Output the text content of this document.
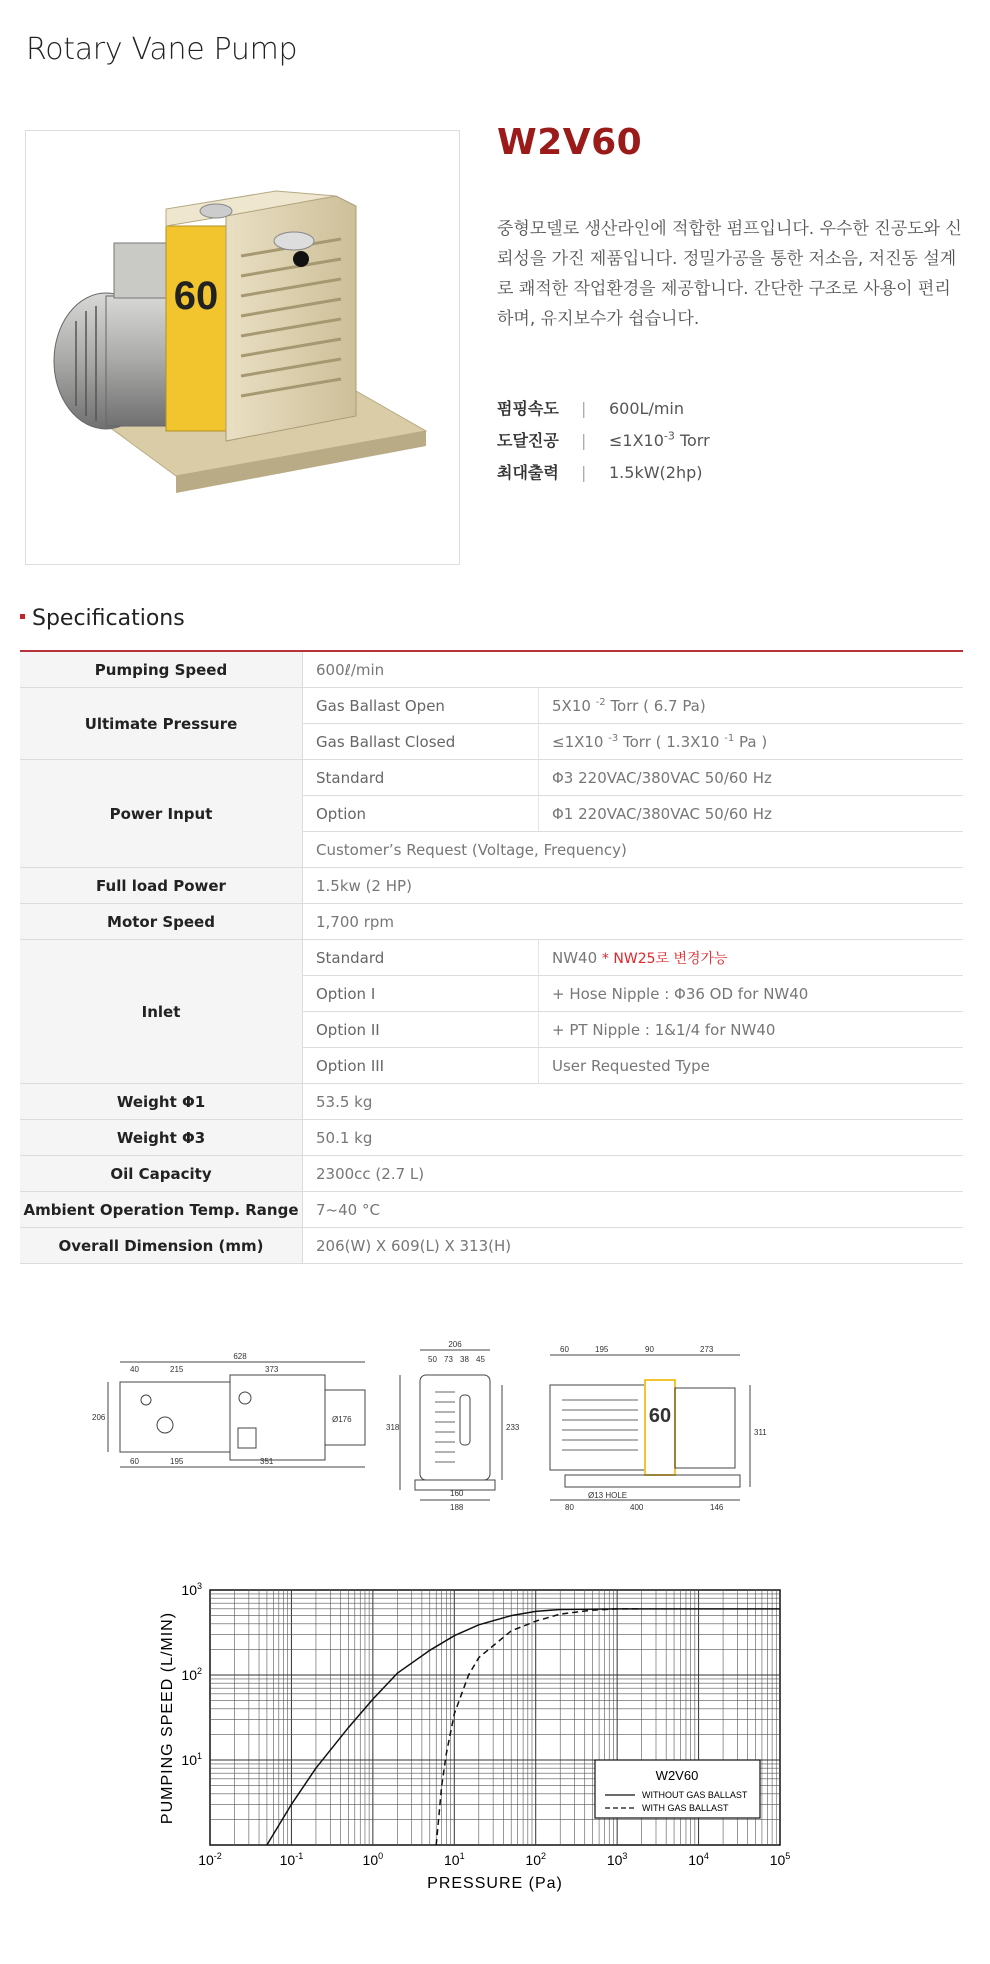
Rotary Vane Pump
60
W2V60
중형모델로 생산라인에 적합한 펌프입니다. 우수한 진공도와 신뢰성을 가진 제품입니다. 정밀가공을 통한 저소음, 저진동 설계로 쾌적한 작업환경을 제공합니다. 간단한 구조로 사용이 편리하며, 유지보수가 쉽습니다.
펌핑속도 | 600L/min
도달진공 | $\le 1X10^{-3}$ Torr
최대출력 | 1.5kW(2hp)
Specifications
Pumping Speed	600ℓ/min	
Ultimate Pressure	Gas Ballast Open	5X10 $^{-2}$ Torr ( 6.7 Pa)
	Gas Ballast Closed	≤1X10 $^{-3}$ Torr ( 1.3X10 $^{-1}$ Pa )
Power Input	Standard	Φ3 220VAC/380VAC 50/60 Hz
	Option	Φ1 220VAC/380VAC 50/60 Hz
	Customer’s Request (Voltage, Frequency)	
Full load Power	1.5kw (2 HP)	
Motor Speed	1,700 rpm	
Inlet	Standard	NW40 * NW25로 변경가능
	Option I	+ Hose Nipple : Φ36 OD for NW40
	Option II	+ PT Nipple : 1&1/4 for NW40
	Option III	User Requested Type
Weight Φ1	53.5 kg	
Weight Φ3	50.1 kg	
Oil Capacity	2300cc (2.7 L)	
Ambient Operation Temp. Range	7~40 °C	
Overall Dimension (mm)	206(W) X 609(L) X 313(H)	
628
40	215	373
60	195	351
206	Ø176
206
50 73 38 45
318	233
160
188
60	195	90	273
311
80
Ø13 HOLE
400	146
60
$10^{-2}$	$10^{-1}$	$10^0$	$10^1$	$10^2$	$10^3$	$10^4$	$10^5$
$10^1$
$10^2$
$10^3$
W2V60
WITHOUT GAS BALLAST
WITH GAS BALLAST
PRESSURE (Pa)
PUMPING SPEED (L/MIN)
